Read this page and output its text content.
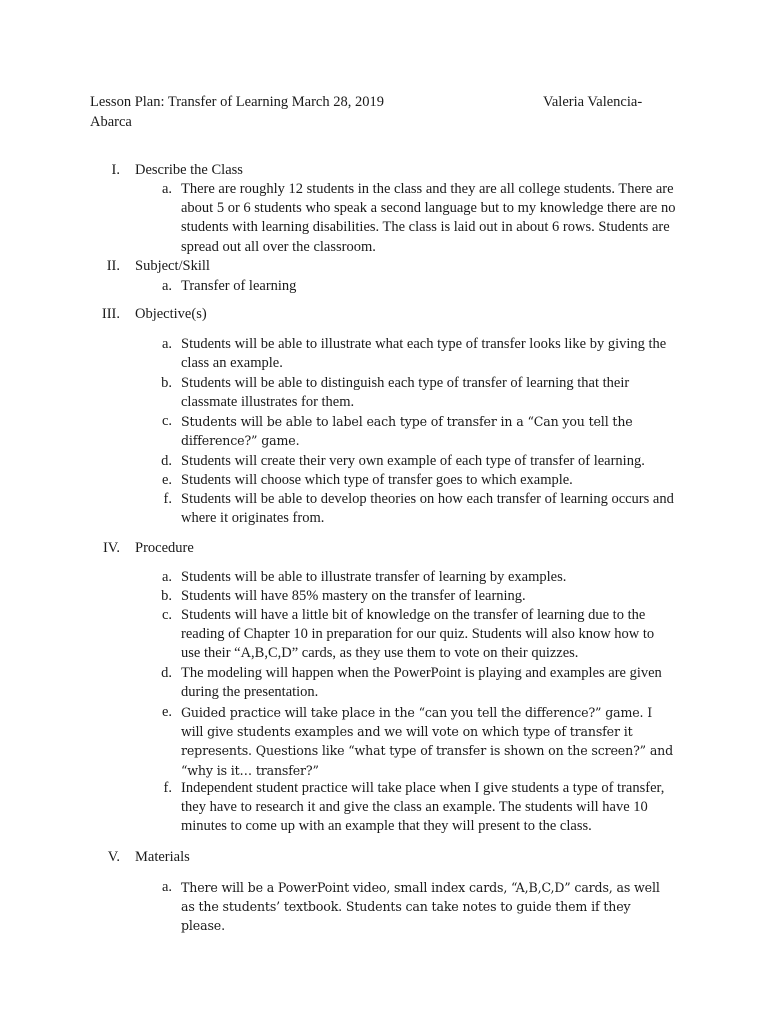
Lesson Plan: Transfer of Learning March 28, 2019	Valeria Valencia-
Abarca
I. Describe the Class
a. There are roughly 12 students in the class and they are all college students. There are about 5 or 6 students who speak a second language but to my knowledge there are no students with learning disabilities. The class is laid out in about 6 rows. Students are spread out all over the classroom.
II. Subject/Skill
a. Transfer of learning
III. Objective(s)
a. Students will be able to illustrate what each type of transfer looks like by giving the class an example.
b. Students will be able to distinguish each type of transfer of learning that their classmate illustrates for them.
c. Students will be able to label each type of transfer in a “Can you tell the difference?” game.
d. Students will create their very own example of each type of transfer of learning.
e. Students will choose which type of transfer goes to which example.
f. Students will be able to develop theories on how each transfer of learning occurs and where it originates from.
IV. Procedure
a. Students will be able to illustrate transfer of learning by examples.
b. Students will have 85% mastery on the transfer of learning.
c. Students will have a little bit of knowledge on the transfer of learning due to the reading of Chapter 10 in preparation for our quiz. Students will also know how to use their “A,B,C,D” cards, as they use them to vote on their quizzes.
d. The modeling will happen when the PowerPoint is playing and examples are given during the presentation.
e. Guided practice will take place in the “can you tell the difference?” game. I will give students examples and we will vote on which type of transfer it represents. Questions like “what type of transfer is shown on the screen?” and “why is it… transfer?”
f. Independent student practice will take place when I give students a type of transfer, they have to research it and give the class an example. The students will have 10 minutes to come up with an example that they will present to the class.
V. Materials
a. There will be a PowerPoint video, small index cards, “A,B,C,D” cards, as well as the students’ textbook. Students can take notes to guide them if they please.
